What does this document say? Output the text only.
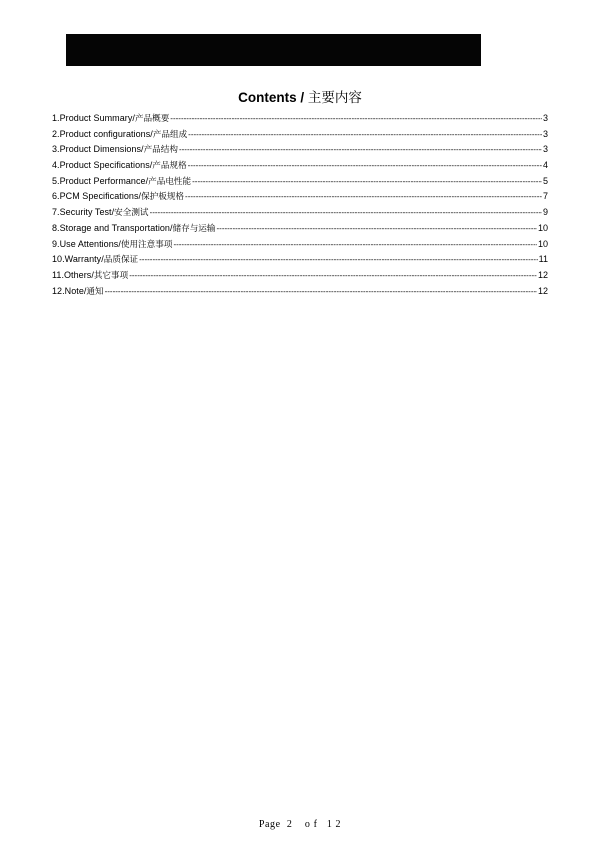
Contents / 主要内容
1.Product Summary / 产品概要 -----	3
2.Product configurations / 产品组成 -----	3
3.Product Dimensions / 产品结构 -----	3
4.Product Specifications / 产品规格 -----	4
5.Product Performance / 产品电性能 -----	5
6.PCM Specifications / 保护板规格 -----	7
7.Security Test / 安全测试 -----	9
8.Storage and Transportation / 储存与运输 -----	10
9.Use Attentions / 使用注意事项 -----	10
10.Warranty / 品质保证 -----	11
11.Others / 其它事项 -----	12
12.Note / 通知 -----	12
Page  2    o f   1 2
